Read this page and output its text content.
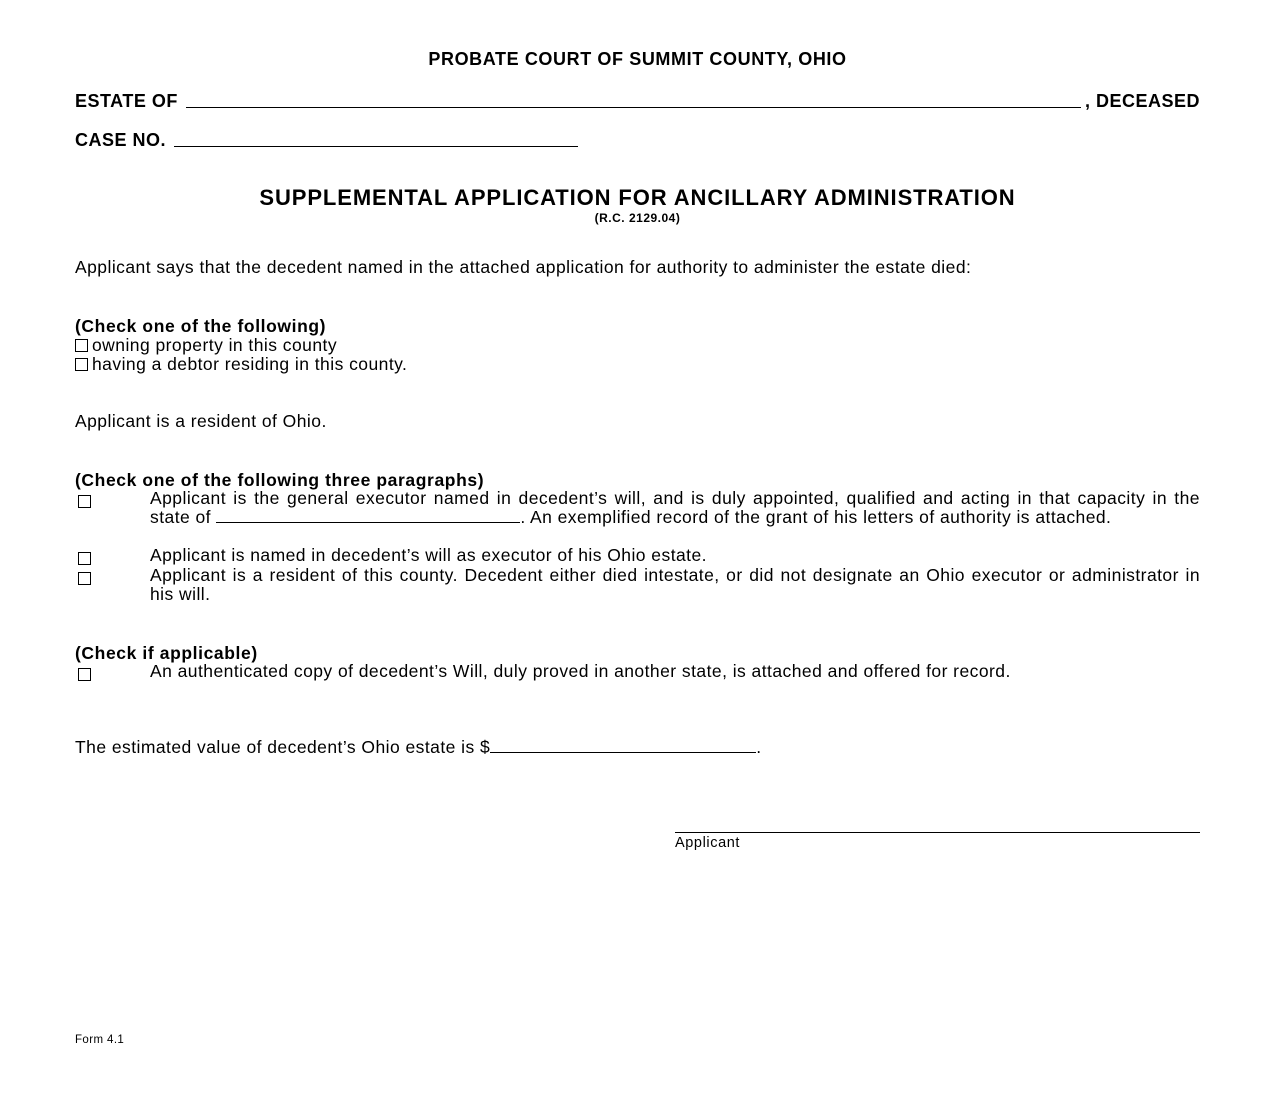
PROBATE COURT OF SUMMIT COUNTY, OHIO
ESTATE OF	, DECEASED
CASE NO.
SUPPLEMENTAL APPLICATION FOR ANCILLARY ADMINISTRATION
(R.C. 2129.04)
Applicant says that the decedent named in the attached application for authority to administer the estate died:
(Check one of the following)
owning property in this county
having a debtor residing in this county.
Applicant is a resident of Ohio.
(Check one of the following three paragraphs)
Applicant is the general executor named in decedent’s will, and is duly appointed, qualified and acting in that capacity in the state of	. An exemplified record of the grant of his letters of authority is attached.
Applicant is named in decedent’s will as executor of his Ohio estate.
Applicant is a resident of this county. Decedent either died intestate, or did not designate an Ohio executor or administrator in his will.
(Check if applicable)
An authenticated copy of decedent’s Will, duly proved in another state, is attached and offered for record.
The estimated value of decedent’s Ohio estate is $	.
Applicant
Form 4.1
